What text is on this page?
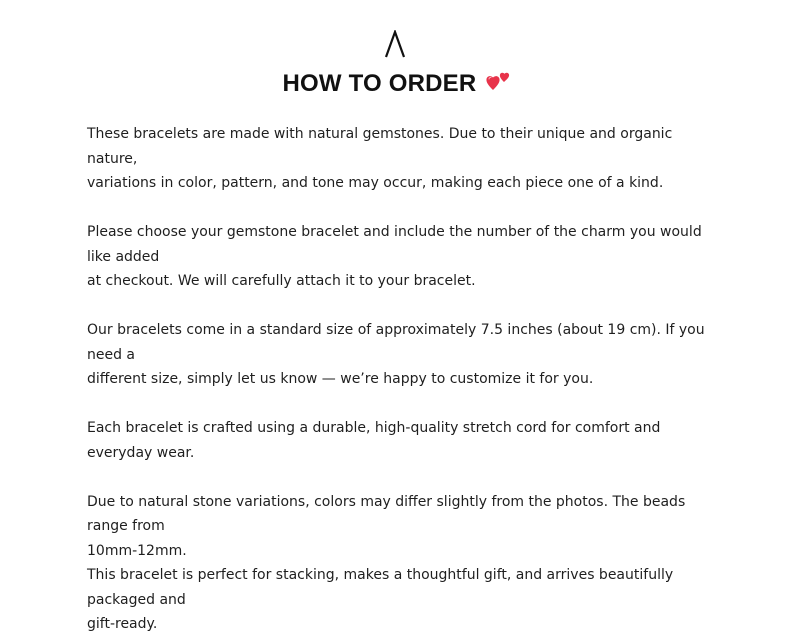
HOW TO ORDER

These bracelets are made with natural gemstones. Due to their unique and organic nature,
variations in color, pattern, and tone may occur, making each piece one of a kind.

Please choose your gemstone bracelet and include the number of the charm you would like added
at checkout. We will carefully attach it to your bracelet.

Our bracelets come in a standard size of approximately 7.5 inches (about 19 cm). If you need a
different size, simply let us know — we’re happy to customize it for you.

Each bracelet is crafted using a durable, high-quality stretch cord for comfort and everyday wear.

Due to natural stone variations, colors may differ slightly from the photos. The beads range from
10mm-12mm.

This bracelet is perfect for stacking, makes a thoughtful gift, and arrives beautifully packaged and
gift-ready.
